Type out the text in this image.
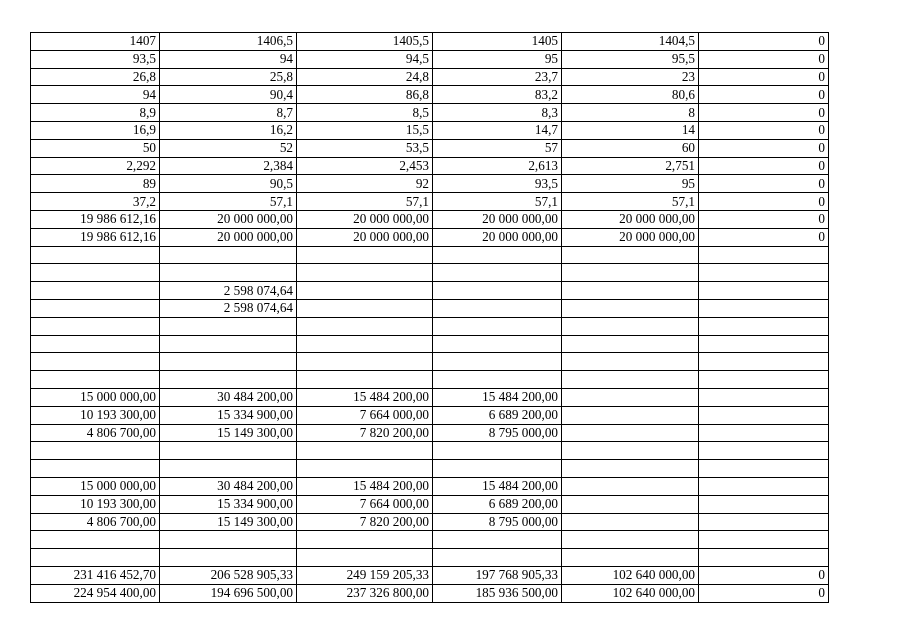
1407	1406,5	1405,5	1405	1404,5	0
93,5	94	94,5	95	95,5	0
26,8	25,8	24,8	23,7	23	0
94	90,4	86,8	83,2	80,6	0
8,9	8,7	8,5	8,3	8	0
16,9	16,2	15,5	14,7	14	0
50	52	53,5	57	60	0
2,292	2,384	2,453	2,613	2,751	0
89	90,5	92	93,5	95	0
37,2	57,1	57,1	57,1	57,1	0
19 986 612,16	20 000 000,00	20 000 000,00	20 000 000,00	20 000 000,00	0
19 986 612,16	20 000 000,00	20 000 000,00	20 000 000,00	20 000 000,00	0

	2 598 074,64				
	2 598 074,64				

15 000 000,00	30 484 200,00	15 484 200,00	15 484 200,00		
10 193 300,00	15 334 900,00	7 664 000,00	6 689 200,00		
4 806 700,00	15 149 300,00	7 820 200,00	8 795 000,00		

15 000 000,00	30 484 200,00	15 484 200,00	15 484 200,00		
10 193 300,00	15 334 900,00	7 664 000,00	6 689 200,00		
4 806 700,00	15 149 300,00	7 820 200,00	8 795 000,00		

231 416 452,70	206 528 905,33	249 159 205,33	197 768 905,33	102 640 000,00	0
224 954 400,00	194 696 500,00	237 326 800,00	185 936 500,00	102 640 000,00	0
